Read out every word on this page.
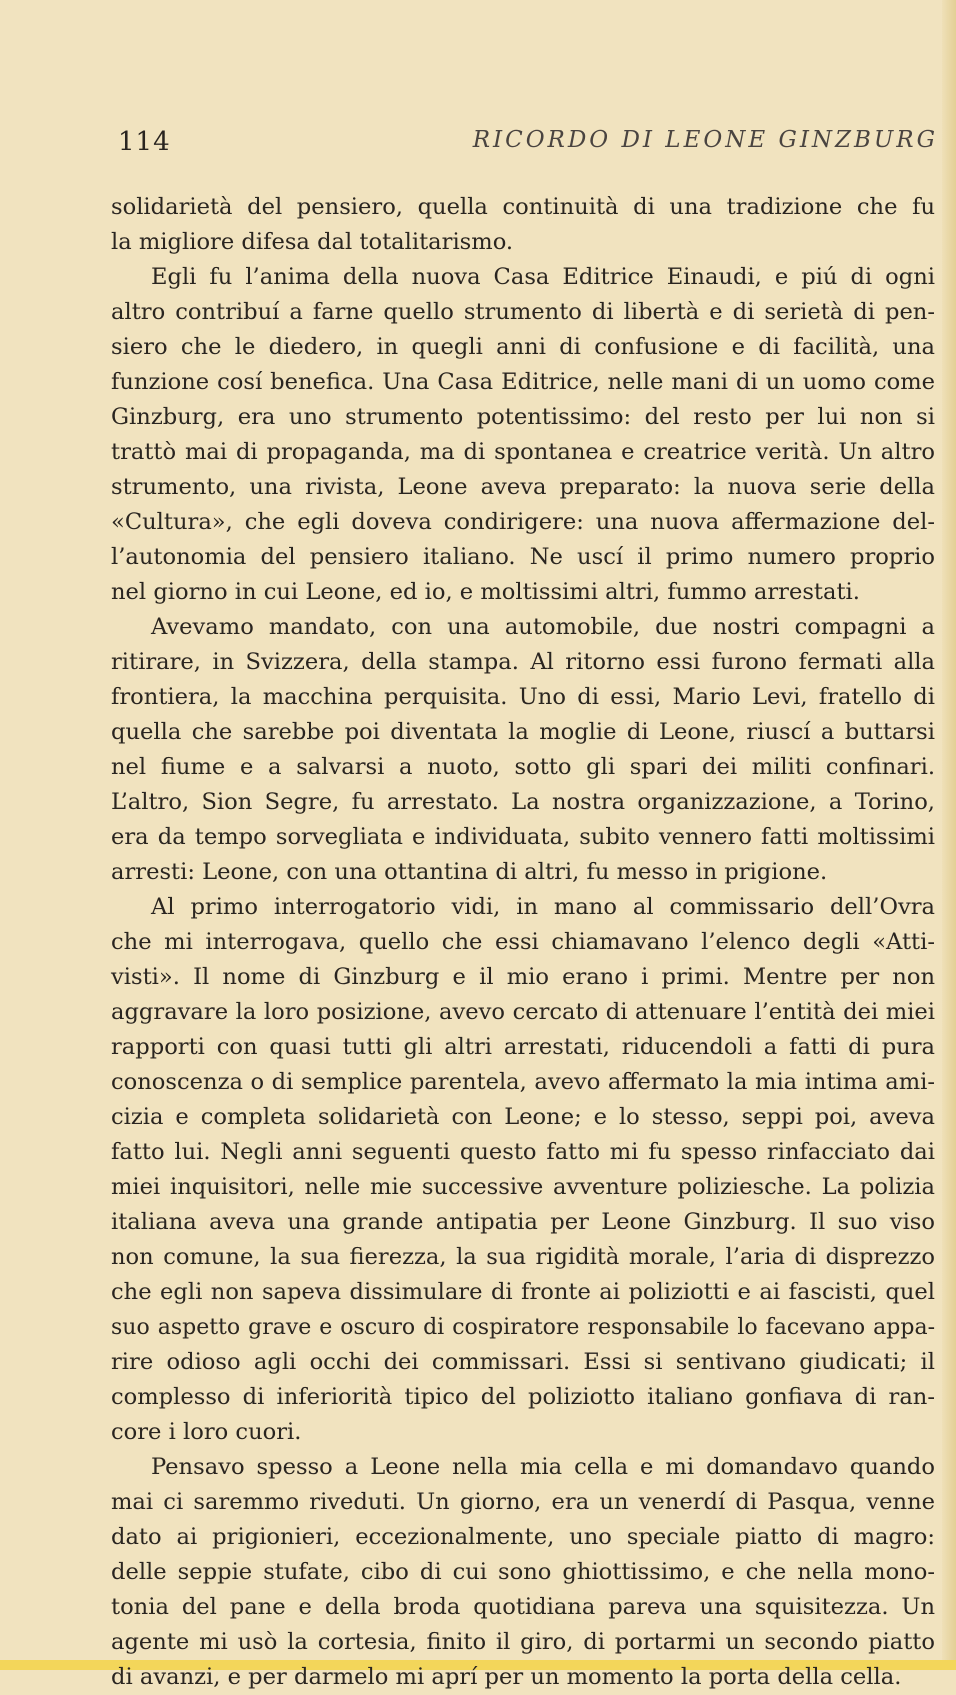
114	RICORDO DI LEONE GINZBURG
solidarietà del pensiero, quella continuità di una tradizione che fu
la migliore difesa dal totalitarismo.
Egli fu l’anima della nuova Casa Editrice Einaudi, e piú di ogni
altro contribuí a farne quello strumento di libertà e di serietà di pen-
siero che le diedero, in quegli anni di confusione e di facilità, una
funzione cosí benefica. Una Casa Editrice, nelle mani di un uomo come
Ginzburg, era uno strumento potentissimo: del resto per lui non si
trattò mai di propaganda, ma di spontanea e creatrice verità. Un altro
strumento, una rivista, Leone aveva preparato: la nuova serie della
«Cultura», che egli doveva condirigere: una nuova affermazione del-
l’autonomia del pensiero italiano. Ne uscí il primo numero proprio
nel giorno in cui Leone, ed io, e moltissimi altri, fummo arrestati.
Avevamo mandato, con una automobile, due nostri compagni a
ritirare, in Svizzera, della stampa. Al ritorno essi furono fermati alla
frontiera, la macchina perquisita. Uno di essi, Mario Levi, fratello di
quella che sarebbe poi diventata la moglie di Leone, riuscí a buttarsi
nel fiume e a salvarsi a nuoto, sotto gli spari dei militi confinari.
L’altro, Sion Segre, fu arrestato. La nostra organizzazione, a Torino,
era da tempo sorvegliata e individuata, subito vennero fatti moltissimi
arresti: Leone, con una ottantina di altri, fu messo in prigione.
Al primo interrogatorio vidi, in mano al commissario dell’Ovra
che mi interrogava, quello che essi chiamavano l’elenco degli «Atti-
visti». Il nome di Ginzburg e il mio erano i primi. Mentre per non
aggravare la loro posizione, avevo cercato di attenuare l’entità dei miei
rapporti con quasi tutti gli altri arrestati, riducendoli a fatti di pura
conoscenza o di semplice parentela, avevo affermato la mia intima ami-
cizia e completa solidarietà con Leone; e lo stesso, seppi poi, aveva
fatto lui. Negli anni seguenti questo fatto mi fu spesso rinfacciato dai
miei inquisitori, nelle mie successive avventure poliziesche. La polizia
italiana aveva una grande antipatia per Leone Ginzburg. Il suo viso
non comune, la sua fierezza, la sua rigidità morale, l’aria di disprezzo
che egli non sapeva dissimulare di fronte ai poliziotti e ai fascisti, quel
suo aspetto grave e oscuro di cospiratore responsabile lo facevano appa-
rire odioso agli occhi dei commissari. Essi si sentivano giudicati; il
complesso di inferiorità tipico del poliziotto italiano gonfiava di ran-
core i loro cuori.
Pensavo spesso a Leone nella mia cella e mi domandavo quando
mai ci saremmo riveduti. Un giorno, era un venerdí di Pasqua, venne
dato ai prigionieri, eccezionalmente, uno speciale piatto di magro:
delle seppie stufate, cibo di cui sono ghiottissimo, e che nella mono-
tonia del pane e della broda quotidiana pareva una squisitezza. Un
agente mi usò la cortesia, finito il giro, di portarmi un secondo piatto
di avanzi, e per darmelo mi aprí per un momento la porta della cella.
